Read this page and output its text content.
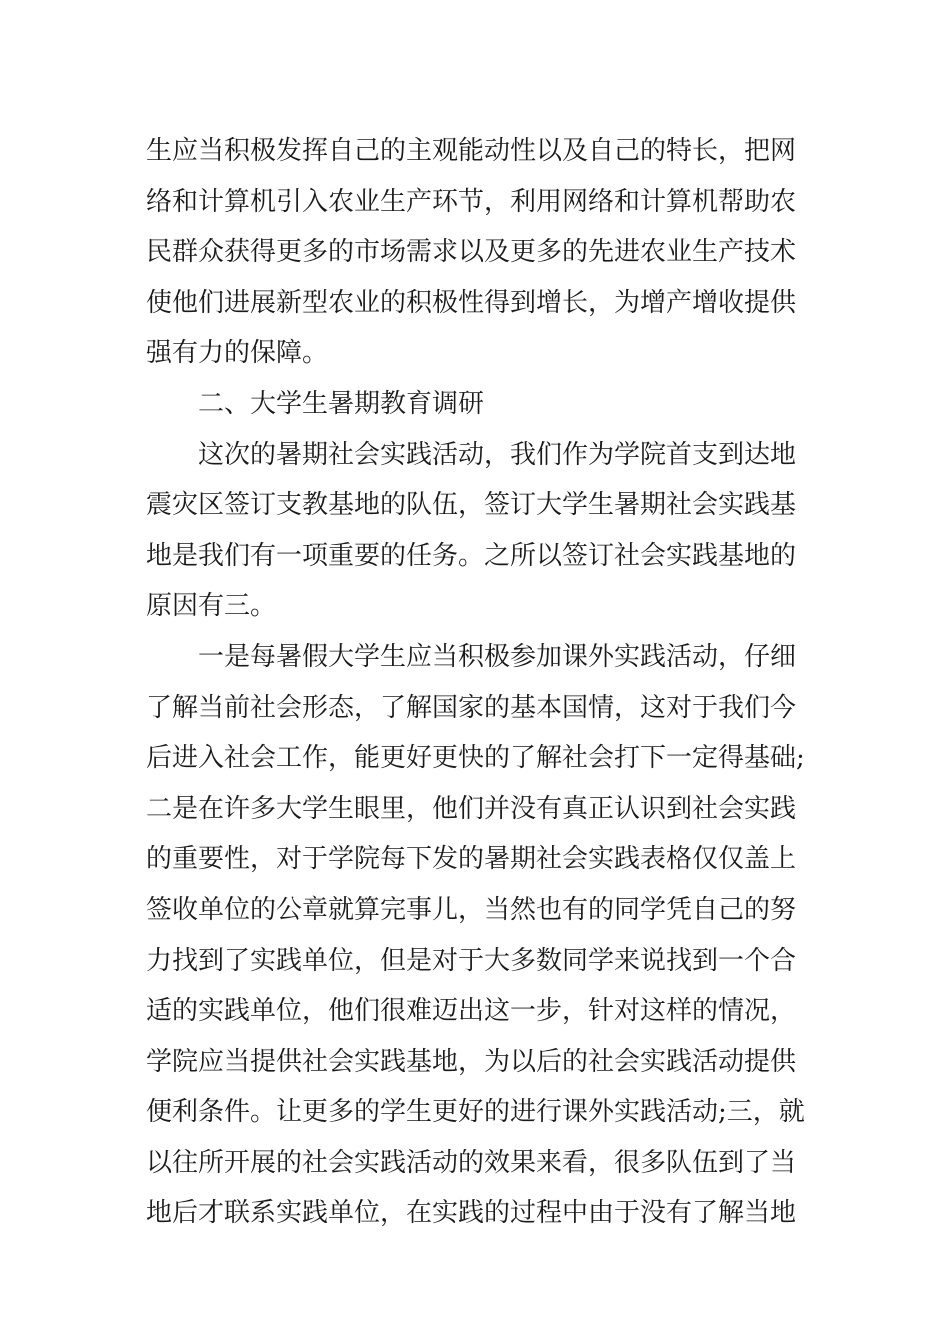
生应当积极发挥自己的主观能动性以及自己的特长，把网
络和计算机引入农业生产环节，利用网络和计算机帮助农
民群众获得更多的市场需求以及更多的先进农业生产技术
使他们进展新型农业的积极性得到增长，为增产增收提供
强有力的保障。
二、大学生暑期教育调研
这次的暑期社会实践活动，我们作为学院首支到达地
震灾区签订支教基地的队伍，签订大学生暑期社会实践基
地是我们有一项重要的任务。之所以签订社会实践基地的
原因有三。
一是每暑假大学生应当积极参加课外实践活动，仔细
了解当前社会形态，了解国家的基本国情，这对于我们今
后进入社会工作，能更好更快的了解社会打下一定得基础;
二是在许多大学生眼里，他们并没有真正认识到社会实践
的重要性，对于学院每下发的暑期社会实践表格仅仅盖上
签收单位的公章就算完事儿，当然也有的同学凭自己的努
力找到了实践单位，但是对于大多数同学来说找到一个合
适的实践单位，他们很难迈出这一步，针对这样的情况，
学院应当提供社会实践基地，为以后的社会实践活动提供
便利条件。让更多的学生更好的进行课外实践活动;三，就
以往所开展的社会实践活动的效果来看，很多队伍到了当
地后才联系实践单位，在实践的过程中由于没有了解当地
